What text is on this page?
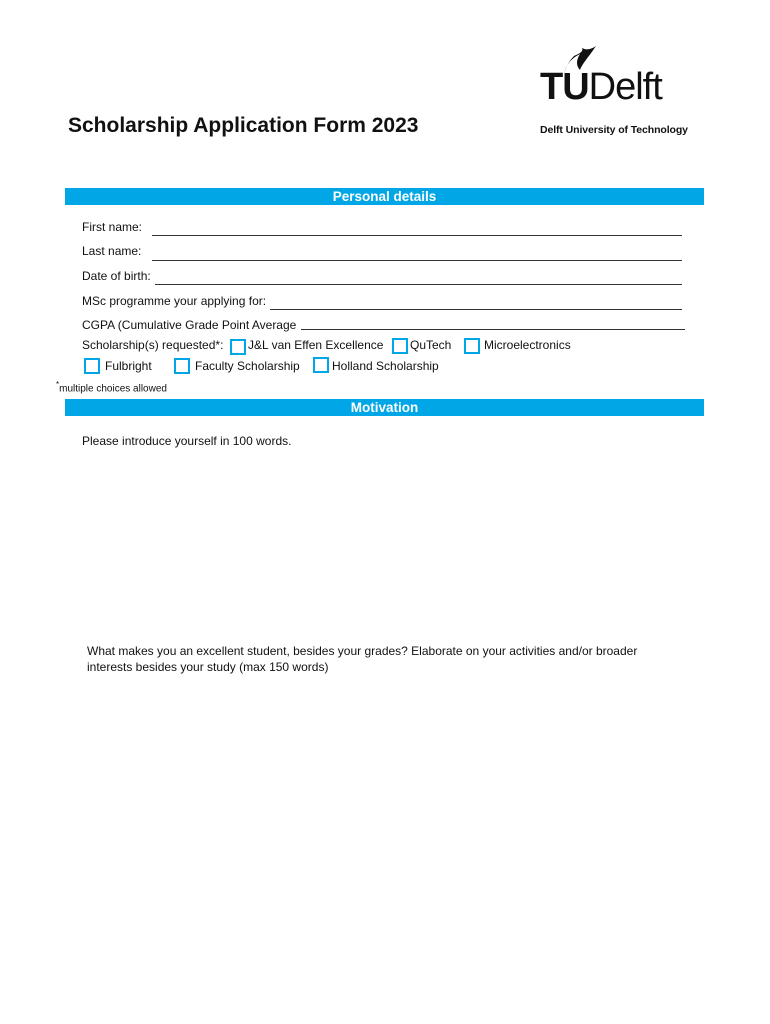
Scholarship Application Form 2023
TUDelft
Delft University of Technology
Personal details
First name:
Last name:
Date of birth:
MSc programme your applying for:
CGPA (Cumulative Grade Point Average
Scholarship(s) requested*: J&L van Effen Excellence QuTech	Microelectronics
Fulbright	Faculty Scholarship	Holland Scholarship
*multiple choices allowed
Motivation
Please introduce yourself in 100 words.
What makes you an excellent student, besides your grades? Elaborate on your activities and/or broader
interests besides your study (max 150 words)
